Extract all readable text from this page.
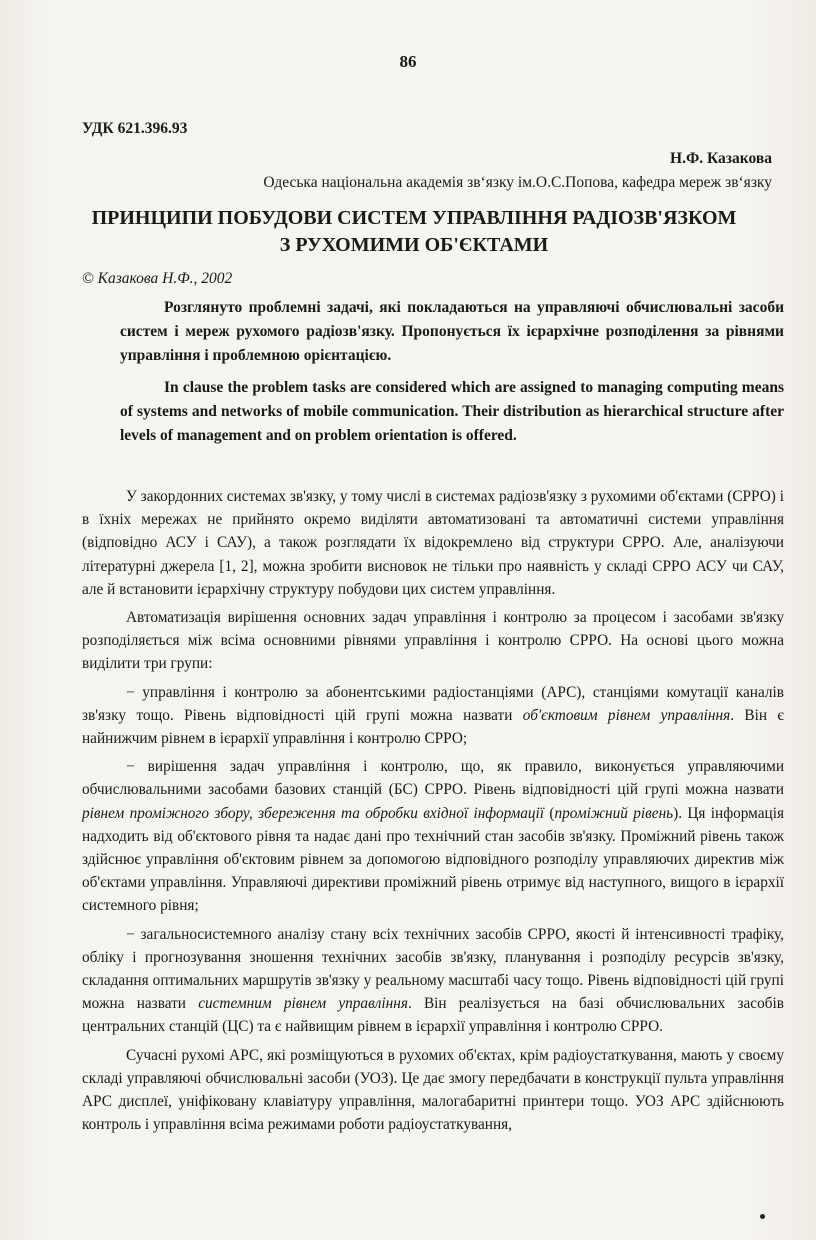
86
УДК 621.396.93
Н.Ф. Казакова
Одеська національна академія зв‘язку ім.О.С.Попова, кафедра мереж зв‘язку
ПРИНЦИПИ ПОБУДОВИ СИСТЕМ УПРАВЛІННЯ РАДІОЗВ'ЯЗКОМ
З РУХОМИМИ ОБ'ЄКТАМИ
© Казакова Н.Ф., 2002

Розглянуто проблемні задачі, які покладаються на управляючі обчислювальні засоби систем і мереж рухомого радіозв'язку. Пропонується їх ієрархічне розподілення за рівнями управління і проблемною орієнтацією.

In clause the problem tasks are considered which are assigned to managing computing means of systems and networks of mobile communication. Their distribution as hierarchical structure after levels of management and on problem orientation is offered.

У закордонних системах зв'язку, у тому числі в системах радіозв'язку з рухомими об'єктами (СРРО) і в їхніх мережах не прийнято окремо виділяти автоматизовані та автоматичні системи управління (відповідно АСУ і САУ), а також розглядати їх відокремлено від структури СРРО. Але, аналізуючи літературні джерела [1, 2], можна зробити висновок не тільки про наявність у складі СРРО АСУ чи САУ, але й встановити ієрархічну структуру побудови цих систем управління.

Автоматизація вирішення основних задач управління і контролю за процесом і засобами зв'язку розподіляється між всіма основними рівнями управління і контролю СРРО. На основі цього можна виділити три групи:

− управління і контролю за абонентськими радіостанціями (АРС), станціями комутації каналів зв'язку тощо. Рівень відповідності цій групі можна назвати об'єктовим рівнем управління. Він є найнижчим рівнем в ієрархії управління і контролю СРРО;

− вирішення задач управління і контролю, що, як правило, виконується управляючими обчислювальними засобами базових станцій (БС) СРРО. Рівень відповідності цій групі можна назвати рівнем проміжного збору, збереження та обробки вхідної інформації (проміжний рівень). Ця інформація надходить від об'єктового рівня та надає дані про технічний стан засобів зв'язку. Проміжний рівень також здійснює управління об'єктовим рівнем за допомогою відповідного розподілу управляючих директив між об'єктами управління. Управляючі директиви проміжний рівень отримує від наступного, вищого в ієрархії системного рівня;

− загальносистемного аналізу стану всіх технічних засобів СРРО, якості й інтенсивності трафіку, обліку і прогнозування зношення технічних засобів зв'язку, планування і розподілу ресурсів зв'язку, складання оптимальних маршрутів зв'язку у реальному масштабі часу тощо. Рівень відповідності цій групі можна назвати системним рівнем управління. Він реалізується на базі обчислювальних засобів центральних станцій (ЦС) та є найвищим рівнем в ієрархії управління і контролю СРРО.

Сучасні рухомі АРС, які розміщуються в рухомих об'єктах, крім радіоустаткування, мають у своєму складі управляючі обчислювальні засоби (УОЗ). Це дає змогу передбачати в конструкції пульта управління АРС дисплеї, уніфіковану клавіатуру управління, малогабаритні принтери тощо. УОЗ АРС здійснюють контроль і управління всіма режимами роботи радіоустаткування,
